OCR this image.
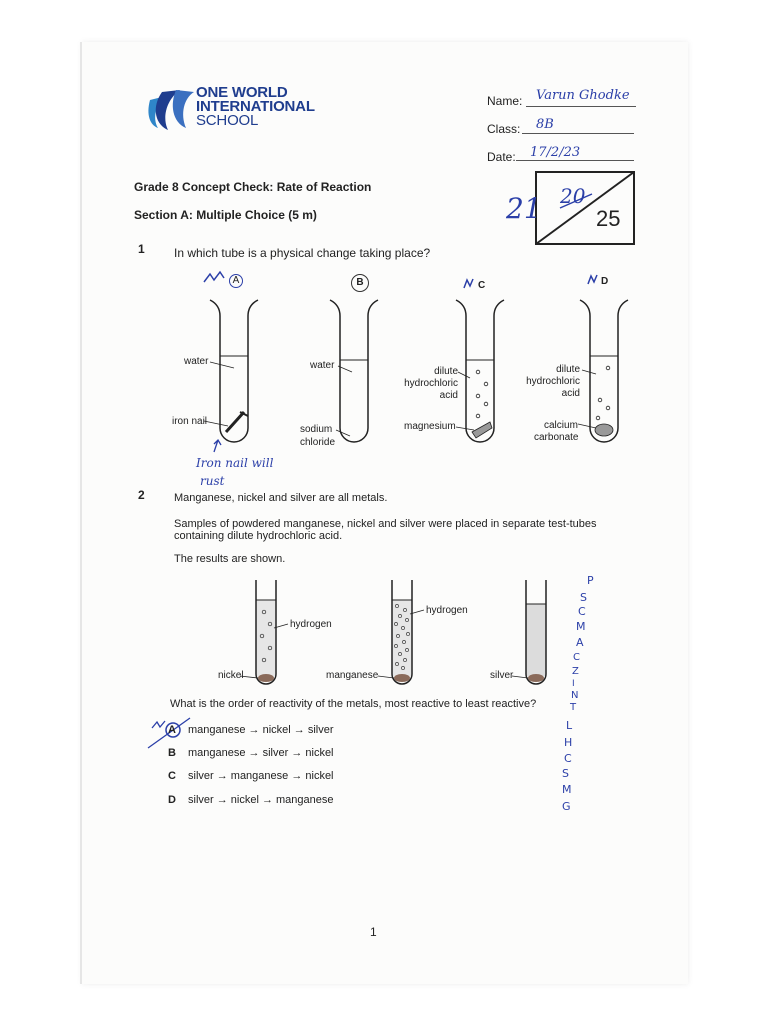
ONE WORLD
INTERNATIONAL
SCHOOL
Name: Varun Ghodke
Class: 8B
Date: 17/2/23
20
21 25
Grade 8 Concept Check: Rate of Reaction
Section A: Multiple Choice (5 m)
1 In which tube is a physical change taking place?
A	B	C	D
water
iron nail
water
sodium
chloride
dilute
hydrochloric
acid
magnesium
dilute
hydrochloric
acid
calcium
carbonate
Iron nail will
rust
2	Manganese, nickel and silver are all metals.
Samples of powdered manganese, nickel and silver were placed in separate test-tubes
containing dilute hydrochloric acid.
The results are shown.
nickel
hydrogen
manganese
hydrogen
silver
What is the order of reactivity of the metals, most reactive to least reactive?
A manganese → nickel → silver
B manganese → silver → nickel
C silver → manganese → nickel
D silver → nickel → manganese
P
S
C
M
A
C
Z
I
N
T
L
H
C
S
M
G
1
